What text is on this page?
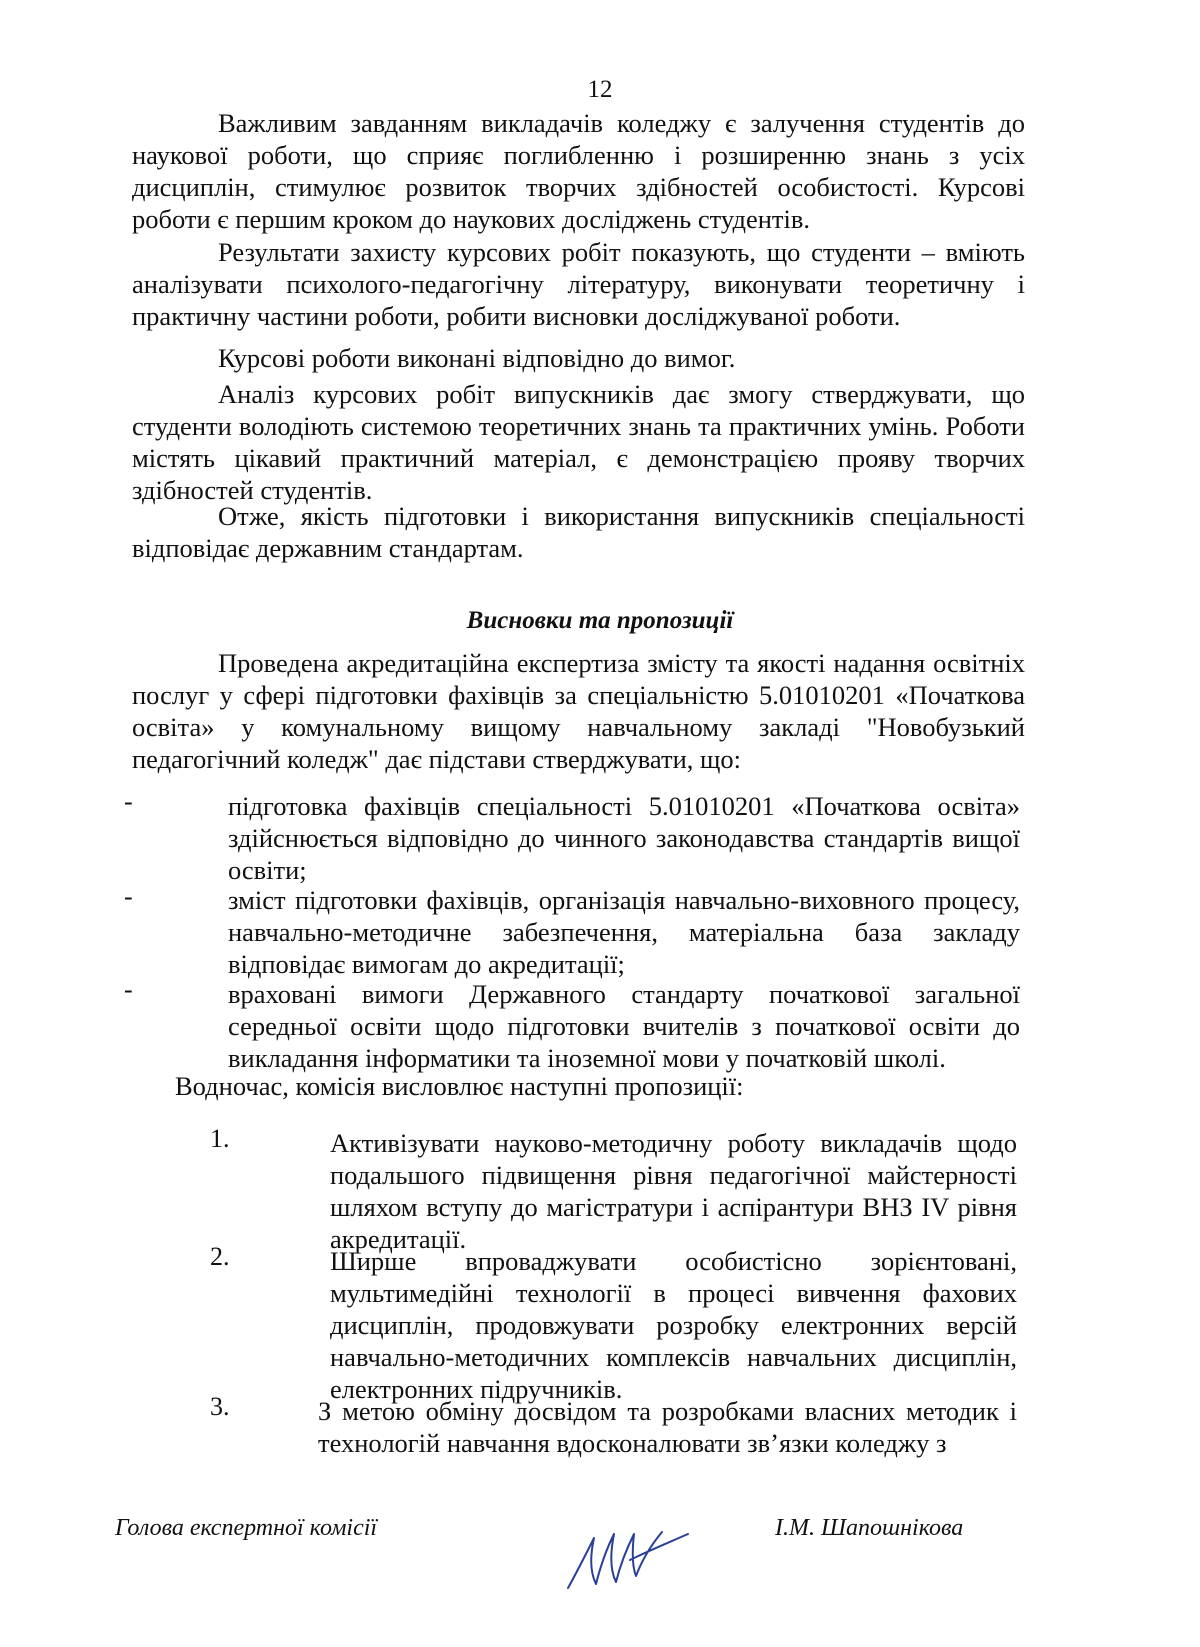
12

Важливим завданням викладачів коледжу є залучення студентів до наукової роботи, що сприяє поглибленню і розширенню знань з усіх дисциплін, стимулює розвиток творчих здібностей особистості. Курсові роботи є першим кроком до наукових досліджень студентів.

Результати захисту курсових робіт показують, що студенти – вміють аналізувати психолого-педагогічну літературу, виконувати теоретичну і практичну частини роботи, робити висновки досліджуваної роботи.

Курсові роботи виконані відповідно до вимог.

Аналіз курсових робіт випускників дає змогу стверджувати, що студенти володіють системою теоретичних знань та практичних умінь. Роботи містять цікавий практичний матеріал, є демонстрацією прояву творчих здібностей студентів.

Отже, якість підготовки і використання випускників спеціальності відповідає державним стандартам.

Висновки та пропозиції

Проведена акредитаційна експертиза змісту та якості надання освітніх послуг у сфері підготовки фахівців за спеціальністю 5.01010201 «Початкова освіта» у комунальному вищому навчальному закладі "Новобузький педагогічний коледж" дає підстави стверджувати, що:

-	підготовка фахівців спеціальності 5.01010201 «Початкова освіта» здійснюється відповідно до чинного законодавства стандартів вищої освіти;

-	зміст підготовки фахівців, організація навчально-виховного процесу, навчально-методичне забезпечення, матеріальна база закладу відповідає вимогам до акредитації;

-	враховані вимоги Державного стандарту початкової загальної середньої освіти щодо підготовки вчителів з початкової освіти до викладання інформатики та іноземної мови у початковій школі.

Водночас, комісія висловлює наступні пропозиції:

1.	Активізувати науково-методичну роботу викладачів щодо подальшого підвищення рівня педагогічної майстерності шляхом вступу до магістратури і аспірантури ВНЗ IV рівня акредитації.

2.	Ширше впроваджувати особистісно зорієнтовані, мультимедійні технології в процесі вивчення фахових дисциплін, продовжувати розробку електронних версій навчально-методичних комплексів навчальних дисциплін, електронних підручників.

3.	З метою обміну досвідом та розробками власних методик і технологій навчання вдосконалювати зв’язки коледжу з

Голова експертної комісії	І.М. Шапошнікова
